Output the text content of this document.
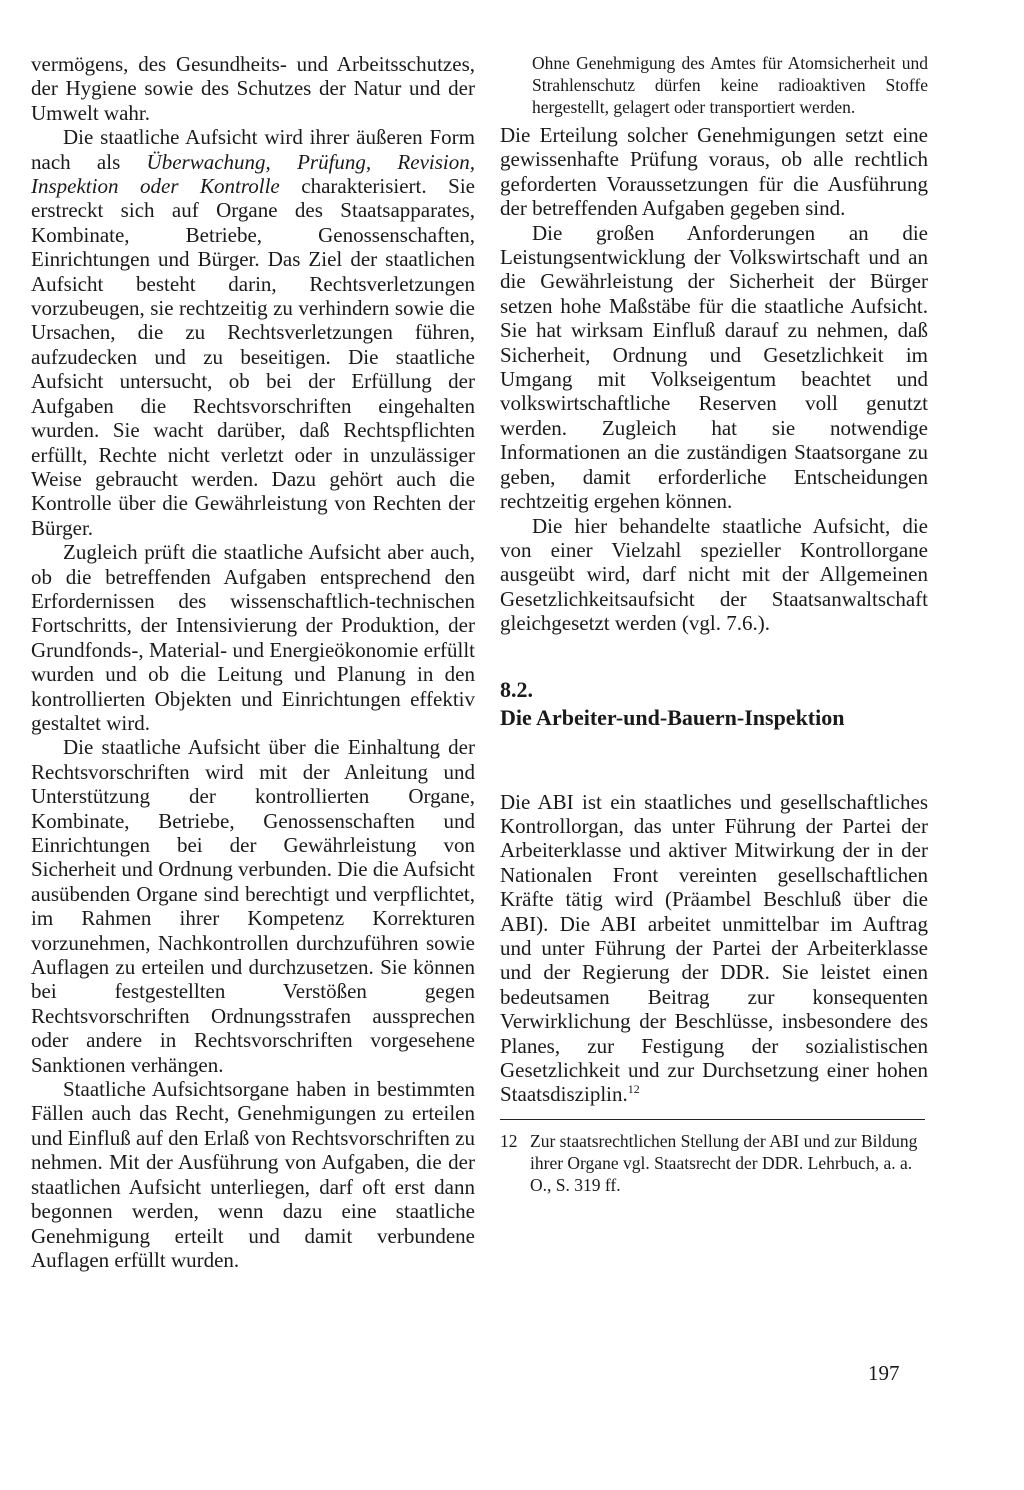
vermögens, des Gesundheits- und Arbeitsschutzes, der Hygiene sowie des Schutzes der Natur und der Umwelt wahr.

Die staatliche Aufsicht wird ihrer äußeren Form nach als Überwachung, Prüfung, Revision, Inspektion oder Kontrolle charakterisiert. Sie erstreckt sich auf Organe des Staatsapparates, Kombinate, Betriebe, Genossenschaften, Einrichtungen und Bürger. Das Ziel der staatlichen Aufsicht besteht darin, Rechtsverletzungen vorzubeugen, sie rechtzeitig zu verhindern sowie die Ursachen, die zu Rechtsverletzungen führen, aufzudecken und zu beseitigen. Die staatliche Aufsicht untersucht, ob bei der Erfüllung der Aufgaben die Rechtsvorschriften eingehalten wurden. Sie wacht darüber, daß Rechtspflichten erfüllt, Rechte nicht verletzt oder in unzulässiger Weise gebraucht werden. Dazu gehört auch die Kontrolle über die Gewährleistung von Rechten der Bürger.

Zugleich prüft die staatliche Aufsicht aber auch, ob die betreffenden Aufgaben entsprechend den Erfordernissen des wissenschaftlich-technischen Fortschritts, der Intensivierung der Produktion, der Grundfonds-, Material- und Energieökonomie erfüllt wurden und ob die Leitung und Planung in den kontrollierten Objekten und Einrichtungen effektiv gestaltet wird.

Die staatliche Aufsicht über die Einhaltung der Rechtsvorschriften wird mit der Anleitung und Unterstützung der kontrollierten Organe, Kombinate, Betriebe, Genossenschaften und Einrichtungen bei der Gewährleistung von Sicherheit und Ordnung verbunden. Die die Aufsicht ausübenden Organe sind berechtigt und verpflichtet, im Rahmen ihrer Kompetenz Korrekturen vorzunehmen, Nachkontrollen durchzuführen sowie Auflagen zu erteilen und durchzusetzen. Sie können bei festgestellten Verstößen gegen Rechtsvorschriften Ordnungsstrafen aussprechen oder andere in Rechtsvorschriften vorgesehene Sanktionen verhängen.

Staatliche Aufsichtsorgane haben in bestimmten Fällen auch das Recht, Genehmigungen zu erteilen und Einfluß auf den Erlaß von Rechtsvorschriften zu nehmen. Mit der Ausführung von Aufgaben, die der staatlichen Aufsicht unterliegen, darf oft erst dann begonnen werden, wenn dazu eine staatliche Genehmigung erteilt und damit verbundene Auflagen erfüllt wurden.

Ohne Genehmigung des Amtes für Atomsicherheit und Strahlenschutz dürfen keine radioaktiven Stoffe hergestellt, gelagert oder transportiert werden.

Die Erteilung solcher Genehmigungen setzt eine gewissenhafte Prüfung voraus, ob alle rechtlich geforderten Voraussetzungen für die Ausführung der betreffenden Aufgaben gegeben sind.

Die großen Anforderungen an die Leistungsentwicklung der Volkswirtschaft und an die Gewährleistung der Sicherheit der Bürger setzen hohe Maßstäbe für die staatliche Aufsicht. Sie hat wirksam Einfluß darauf zu nehmen, daß Sicherheit, Ordnung und Gesetzlichkeit im Umgang mit Volkseigentum beachtet und volkswirtschaftliche Reserven voll genutzt werden. Zugleich hat sie notwendige Informationen an die zuständigen Staatsorgane zu geben, damit erforderliche Entscheidungen rechtzeitig ergehen können.

Die hier behandelte staatliche Aufsicht, die von einer Vielzahl spezieller Kontrollorgane ausgeübt wird, darf nicht mit der Allgemeinen Gesetzlichkeitsaufsicht der Staatsanwaltschaft gleichgesetzt werden (vgl. 7.6.).

8.2.
Die Arbeiter-und-Bauern-Inspektion

Die ABI ist ein staatliches und gesellschaftliches Kontrollorgan, das unter Führung der Partei der Arbeiterklasse und aktiver Mitwirkung der in der Nationalen Front vereinten gesellschaftlichen Kräfte tätig wird (Präambel Beschluß über die ABI). Die ABI arbeitet unmittelbar im Auftrag und unter Führung der Partei der Arbeiterklasse und der Regierung der DDR. Sie leistet einen bedeutsamen Beitrag zur konsequenten Verwirklichung der Beschlüsse, insbesondere des Planes, zur Festigung der sozialistischen Gesetzlichkeit und zur Durchsetzung einer hohen Staatsdisziplin.$^{12}$

12 Zur staatsrechtlichen Stellung der ABI und zur Bildung ihrer Organe vgl. Staatsrecht der DDR. Lehrbuch, a. a. O., S. 319 ff.
197
